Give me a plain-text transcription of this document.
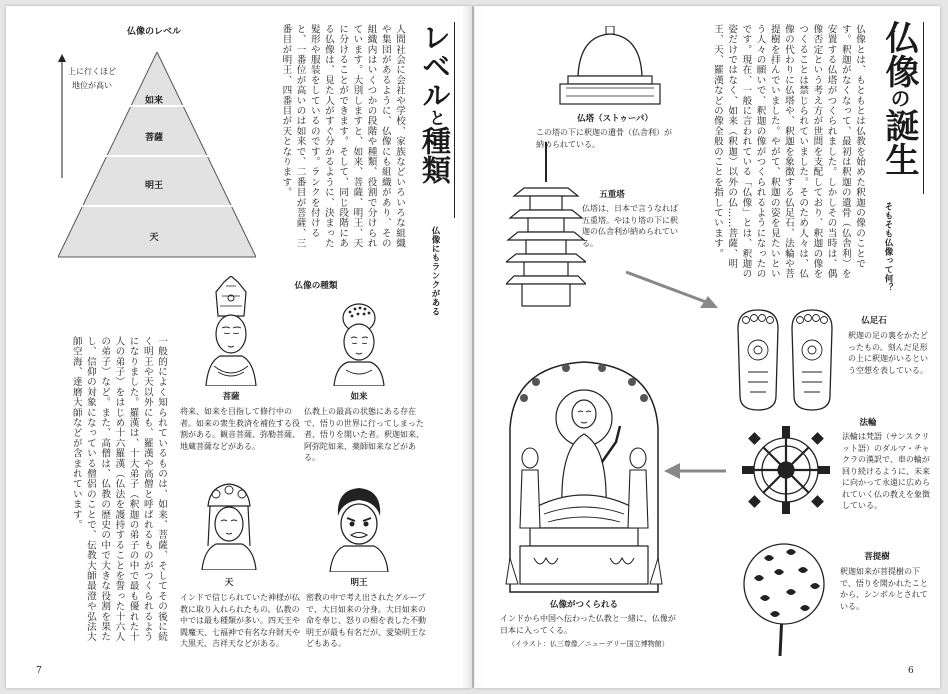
仏像のレベル
上に行くほど
地位が高い
如来
菩薩
明王
天	人間社会に会社や学校、家族などいろいろな組織や集団があるように、仏像にも組織があり、その組織内はいくつかの段階や種類、役割で分けられています。大別しますと、如来、菩薩、明王、天に分けることができます。そして、同じ段階にある仏像は、見た人がすぐ分かるように、決まった髪形や服装をしているのです。ランクを付けると、一番位が高いのは如来で、二番目が菩薩、三番目が明王、四番目が天となります。	レベルと種類
仏像にもランクがある
仏像の種類
菩薩
将来、如来を目指して修行中の者。如来の衆生救済を補佐する役割がある。観音菩薩、弥勒菩薩、地蔵菩薩などがある。
如来
仏教上の最高の状態にある存在で、悟りの世界に行ってしまった者、悟りを開いた者。釈迦如来、阿弥陀如来、薬師如来などがある。
天
インドで信じられていた神様が仏教に取り入れられたもの。仏教の中では最も種類が多い。四天王や閻魔天、七福神で有名な弁財天や大黒天、吉祥天などがある。
明王
密教の中で考え出されたグループで、大日如来の分身。大日如来の命を奉じ、怒りの相を表した不動明王が最も有名だが、愛染明王などもある。
一般的によく知られているものは、如来、菩薩、そしてその後に続く明王や天以外にも、羅漢や高僧と呼ばれるものがつくられるようになりました。羅漢は、十大弟子（釈迦の弟子の中で最も優れた十人の弟子）をはじめ十六羅漢（仏法を護持することを誓った十六人の弟子）など。また、高僧は、仏教の歴史の中で大きな役割を果たし、信仰の対象になっている僧侶のことで、伝教大師最澄や弘法大師空海、達磨大師などが含まれています。
7
仏塔（ストゥーパ）
この塔の下に釈迦の遺骨（仏舎利）が納められている。
五重塔
仏塔は、日本で言うなれば五重塔。やはり塔の下に釈迦の仏舎利が納められている。
仏足石
釈迦の足の裏をかたどったもの。刻んだ足形の上に釈迦がいるという空想を表している。
法輪
法輪は梵語（サンスクリット語）のダルマ・チャクラの漢訳で、車の輪が回り続けるように、未来に向かって永遠に広められていく仏の教えを象徴している。
菩提樹
釈迦如来が菩提樹の下で、悟りを開かれたことから、シンボルとされている。
仏像がつくられる
インドから中国へ伝わった仏教と一緒に、仏像が日本に入ってくる。
（イラスト：仏三尊像／ニューデリー国立博物館）
仏像とは、もともとは仏教を始めた釈迦の像のことです。釈迦がなくなって、最初は釈迦の遺骨（仏舎利）を安置する仏塔がつくられました。しかしその当時は、偶像否定という考え方が世間を支配しており、釈迦の像をつくることは禁じられていました。そのため人々は、仏像の代わりに仏塔や、釈迦を象徴する仏足石、法輪や菩提樹を拝んでいました。やがて、釈迦の姿を見たいという人々の願いで、釈迦の像がつくられるようになったのです。現在、一般に言われている「仏像」とは、釈迦の姿だけではなく、如来（釈迦）以外の仏……菩薩、明王、天、羅漢などの像全般のことを指しています。	仏像の誕生
そもそも仏像って何？
6
